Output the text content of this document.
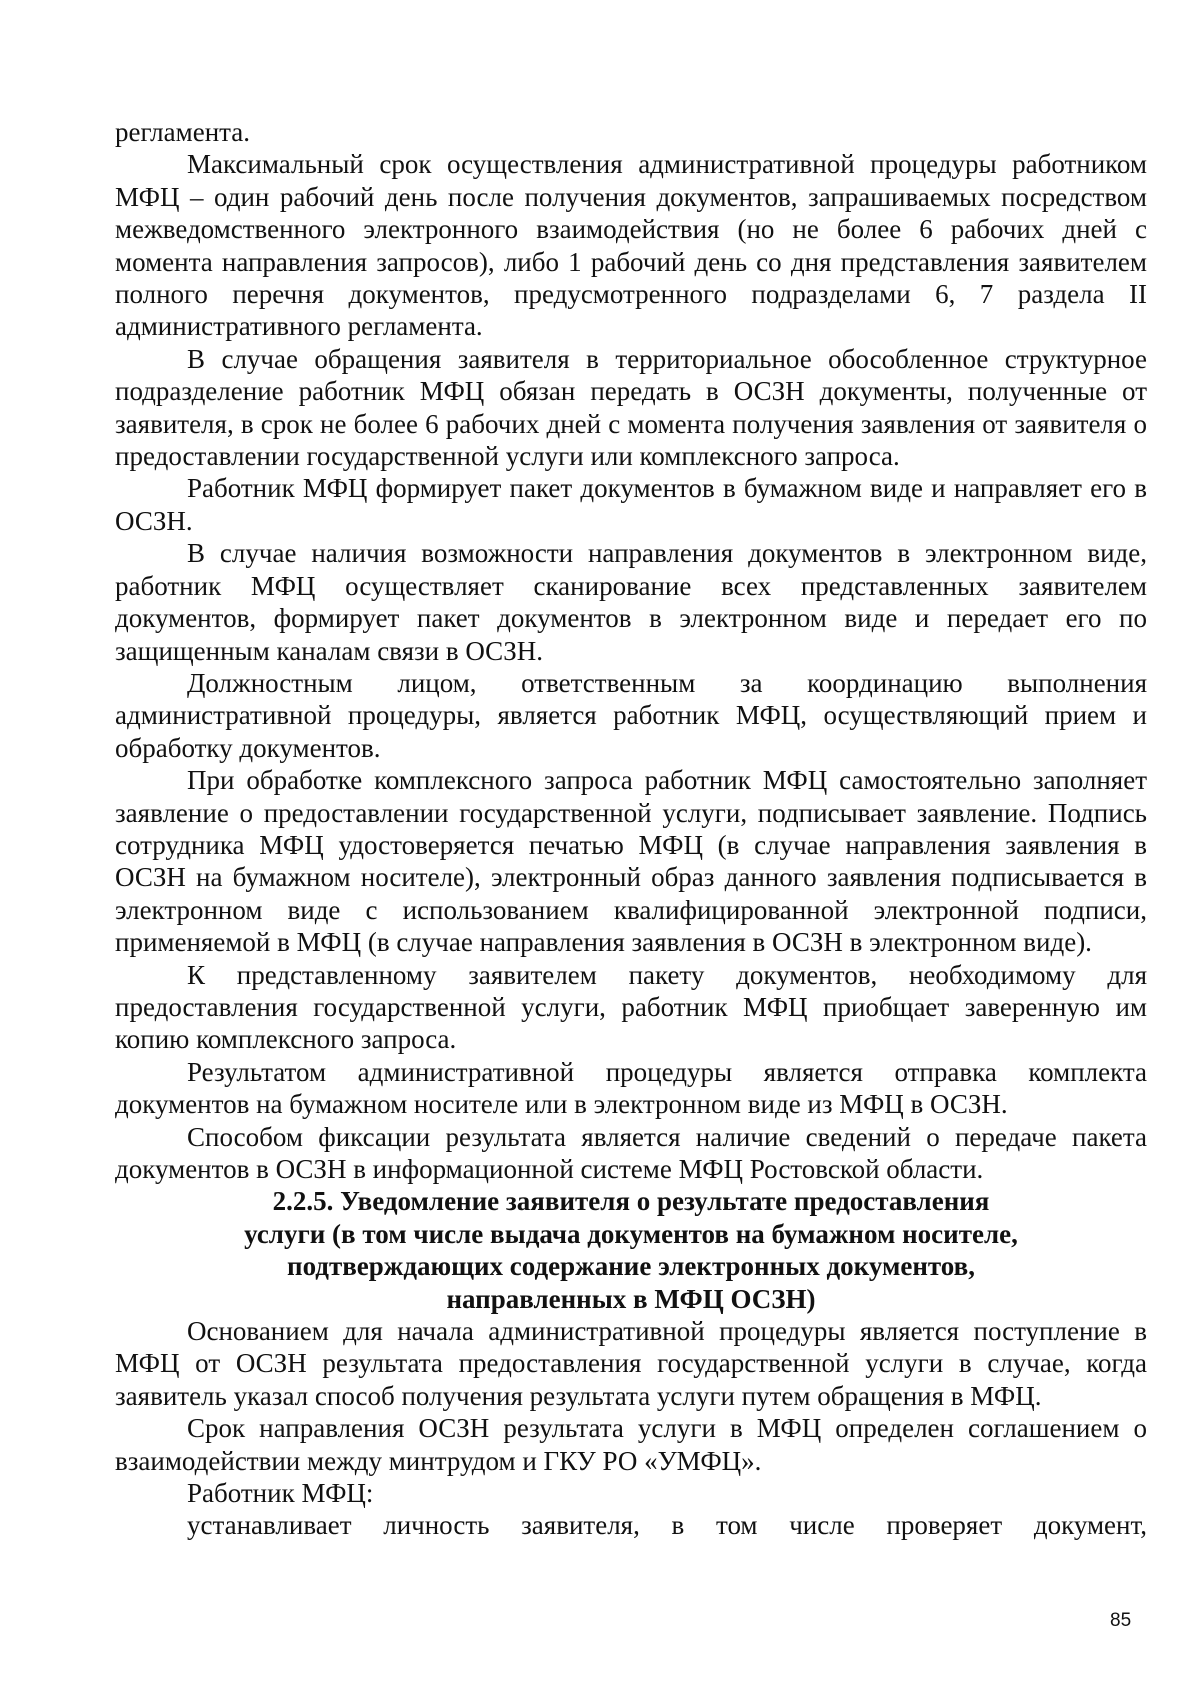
регламента.

Максимальный срок осуществления административной процедуры работником МФЦ – один рабочий день после получения документов, запрашиваемых посредством межведомственного электронного взаимодействия (но не более 6 рабочих дней с момента направления запросов), либо 1 рабочий день со дня представления заявителем полного перечня документов, предусмотренного подразделами 6, 7 раздела II административного регламента.

В случае обращения заявителя в территориальное обособленное структурное подразделение работник МФЦ обязан передать в ОСЗН документы, полученные от заявителя, в срок не более 6 рабочих дней с момента получения заявления от заявителя о предоставлении государственной услуги или комплексного запроса.

Работник МФЦ формирует пакет документов в бумажном виде и направляет его в ОСЗН.

В случае наличия возможности направления документов в электронном виде, работник МФЦ осуществляет сканирование всех представленных заявителем документов, формирует пакет документов в электронном виде и передает его по защищенным каналам связи в ОСЗН.

Должностным лицом, ответственным за координацию выполнения административной процедуры, является работник МФЦ, осуществляющий прием и обработку документов.

При обработке комплексного запроса работник МФЦ самостоятельно заполняет заявление о предоставлении государственной услуги, подписывает заявление. Подпись сотрудника МФЦ удостоверяется печатью МФЦ (в случае направления заявления в ОСЗН на бумажном носителе), электронный образ данного заявления подписывается в электронном виде с использованием квалифицированной электронной подписи, применяемой в МФЦ (в случае направления заявления в ОСЗН в электронном виде).

К представленному заявителем пакету документов, необходимому для предоставления государственной услуги, работник МФЦ приобщает заверенную им копию комплексного запроса.

Результатом административной процедуры является отправка комплекта документов на бумажном носителе или в электронном виде из МФЦ в ОСЗН.

Способом фиксации результата является наличие сведений о передаче пакета документов в ОСЗН в информационной системе МФЦ Ростовской области.

2.2.5. Уведомление заявителя о результате предоставления
услуги (в том числе выдача документов на бумажном носителе,
подтверждающих содержание электронных документов,
направленных в МФЦ ОСЗН)

Основанием для начала административной процедуры является поступление в МФЦ от ОСЗН результата предоставления государственной услуги в случае, когда заявитель указал способ получения результата услуги путем обращения в МФЦ.

Срок направления ОСЗН результата услуги в МФЦ определен соглашением о взаимодействии между минтрудом и ГКУ РО «УМФЦ».

Работник МФЦ:

устанавливает личность заявителя, в том числе проверяет документ,

85
